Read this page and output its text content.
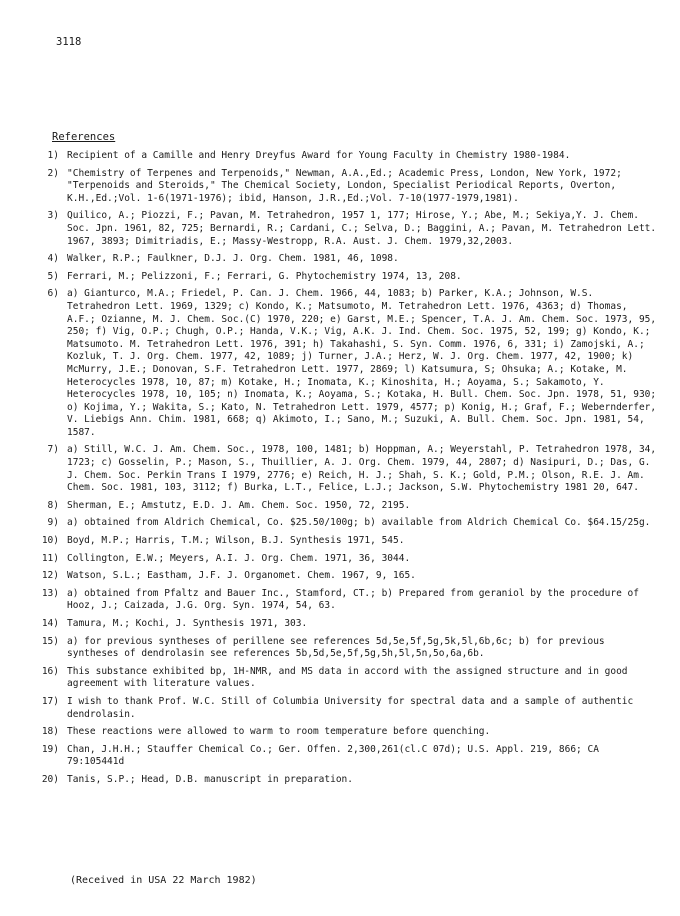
3118
References
1) Recipient of a Camille and Henry Dreyfus Award for Young Faculty in Chemistry 1980-1984.
2) "Chemistry of Terpenes and Terpenoids," Newman, A.A.,Ed.; Academic Press, London, New York, 1972; "Terpenoids and Steroids," The Chemical Society, London, Specialist Periodical Reports, Overton, K.H.,Ed.;Vol. 1-6(1971-1976); ibid, Hanson, J.R.,Ed.;Vol. 7-10(1977-1979,1981).
3) Quilico, A.; Piozzi, F.; Pavan, M. Tetrahedron, 1957 1, 177; Hirose, Y.; Abe, M.; Sekiya,Y. J. Chem. Soc. Jpn. 1961, 82, 725; Bernardi, R.; Cardani, C.; Selva, D.; Baggini, A.; Pavan, M. Tetrahedron Lett. 1967, 3893; Dimitriadis, E.; Massy-Westropp, R.A. Aust. J. Chem. 1979,32,2003.
4) Walker, R.P.; Faulkner, D.J. J. Org. Chem. 1981, 46, 1098.
5) Ferrari, M.; Pelizzoni, F.; Ferrari, G. Phytochemistry 1974, 13, 208.
6) a) Gianturco, M.A.; Friedel, P. Can. J. Chem. 1966, 44, 1083; b) Parker, K.A.; Johnson, W.S. Tetrahedron Lett. 1969, 1329; c) Kondo, K.; Matsumoto, M. Tetrahedron Lett. 1976, 4363; d) Thomas, A.F.; Ozianne, M. J. Chem. Soc.(C) 1970, 220; e) Garst, M.E.; Spencer, T.A. J. Am. Chem. Soc. 1973, 95, 250; f) Vig, O.P.; Chugh, O.P.; Handa, V.K.; Vig, A.K. J. Ind. Chem. Soc. 1975, 52, 199; g) Kondo, K.; Matsumoto. M. Tetrahedron Lett. 1976, 391; h) Takahashi, S. Syn. Comm. 1976, 6, 331; i) Zamojski, A.; Kozluk, T. J. Org. Chem. 1977, 42, 1089; j) Turner, J.A.; Herz, W. J. Org. Chem. 1977, 42, 1900; k) McMurry, J.E.; Donovan, S.F. Tetrahedron Lett. 1977, 2869; l) Katsumura, S; Ohsuka; A.; Kotake, M. Heterocycles 1978, 10, 87; m) Kotake, H.; Inomata, K.; Kinoshita, H.; Aoyama, S.; Sakamoto, Y. Heterocycles 1978, 10, 105; n) Inomata, K.; Aoyama, S.; Kotaka, H. Bull. Chem. Soc. Jpn. 1978, 51, 930; o) Kojima, Y.; Wakita, S.; Kato, N. Tetrahedron Lett. 1979, 4577; p) Konig, H.; Graf, F.; Webernderfer, V. Liebigs Ann. Chim. 1981, 668; q) Akimoto, I.; Sano, M.; Suzuki, A. Bull. Chem. Soc. Jpn. 1981, 54, 1587.
7) a) Still, W.C. J. Am. Chem. Soc., 1978, 100, 1481; b) Hoppman, A.; Weyerstahl, P. Tetrahedron 1978, 34, 1723; c) Gosselin, P.; Mason, S., Thuillier, A. J. Org. Chem. 1979, 44, 2807; d) Nasipuri, D.; Das, G. J. Chem. Soc. Perkin Trans I 1979, 2776; e) Reich, H. J.; Shah, S. K.; Gold, P.M.; Olson, R.E. J. Am. Chem. Soc. 1981, 103, 3112; f) Burka, L.T., Felice, L.J.; Jackson, S.W. Phytochemistry 1981 20, 647.
8) Sherman, E.; Amstutz, E.D. J. Am. Chem. Soc. 1950, 72, 2195.
9) a) obtained from Aldrich Chemical, Co. $25.50/100g; b) available from Aldrich Chemical Co. $64.15/25g.
10) Boyd, M.P.; Harris, T.M.; Wilson, B.J. Synthesis 1971, 545.
11) Collington, E.W.; Meyers, A.I. J. Org. Chem. 1971, 36, 3044.
12) Watson, S.L.; Eastham, J.F. J. Organomet. Chem. 1967, 9, 165.
13) a) obtained from Pfaltz and Bauer Inc., Stamford, CT.; b) Prepared from geraniol by the procedure of Hooz, J.; Caizada, J.G. Org. Syn. 1974, 54, 63.
14) Tamura, M.; Kochi, J. Synthesis 1971, 303.
15) a) for previous syntheses of perillene see references 5d,5e,5f,5g,5k,5l,6b,6c; b) for previous syntheses of dendrolasin see references 5b,5d,5e,5f,5g,5h,5l,5n,5o,6a,6b.
16) This substance exhibited bp, 1H-NMR, and MS data in accord with the assigned structure and in good agreement with literature values.
17) I wish to thank Prof. W.C. Still of Columbia University for spectral data and a sample of authentic dendrolasin.
18) These reactions were allowed to warm to room temperature before quenching.
19) Chan, J.H.H.; Stauffer Chemical Co.; Ger. Offen. 2,300,261(cl.C 07d); U.S. Appl. 219, 866; CA 79:105441d
20) Tanis, S.P.; Head, D.B. manuscript in preparation.
(Received in USA 22 March 1982)
